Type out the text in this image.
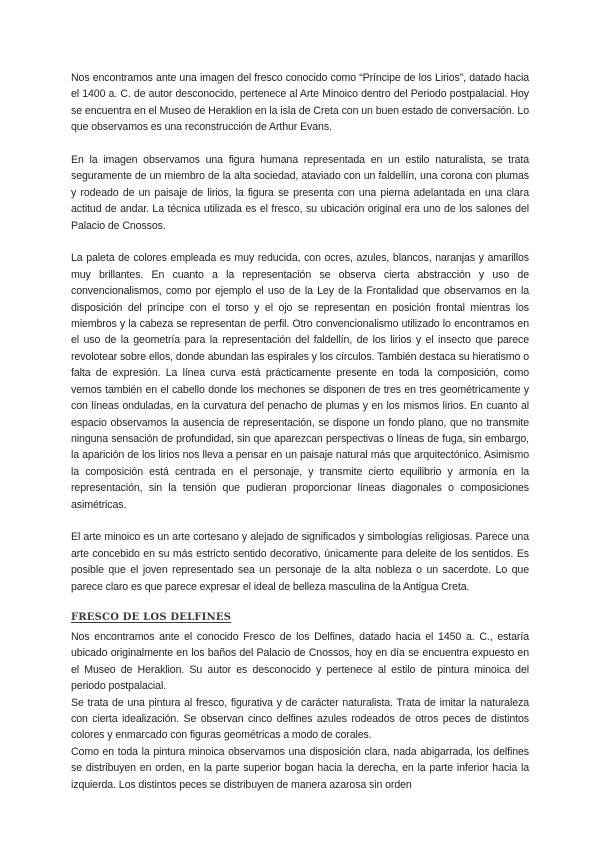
Nos encontramos ante una imagen del fresco conocido como “Príncipe de los Lirios”, datado hacia el 1400 a. C. de autor desconocido, pertenece al Arte Minoico dentro del Periodo postpalacial. Hoy se encuentra en el Museo de Heraklion en la isla de Creta con un buen estado de conversación. Lo que observamos es una reconstrucción de Arthur Evans.

En la imagen observamos una figura humana representada en un estilo naturalista, se trata seguramente de un miembro de la alta sociedad, ataviado con un faldellín, una corona con plumas y rodeado de un paisaje de lirios, la figura se presenta con una pierna adelantada en una clara actitud de andar. La técnica utilizada es el fresco, su ubicación original era uno de los salones del Palacio de Cnossos.

La paleta de colores empleada es muy reducida, con ocres, azules, blancos, naranjas y amarillos muy brillantes. En cuanto a la representación se observa cierta abstracción y uso de convencionalismos, como por ejemplo el uso de la Ley de la Frontalidad que observamos en la disposición del príncipe con el torso y el ojo se representan en posición frontal mientras los miembros y la cabeza se representan de perfil. Otro convencionalismo utilizado lo encontramos en el uso de la geometría para la representación del faldellín, de los lirios y el insecto que parece revolotear sobre ellos, donde abundan las espirales y los círculos. También destaca su hieratismo o falta de expresión. La línea curva está prácticamente presente en toda la composición, como vemos también en el cabello donde los mechones se disponen de tres en tres geométricamente y con líneas onduladas, en la curvatura del penacho de plumas y en los mismos lirios. En cuanto al espacio observamos la ausencia de representación, se dispone un fondo plano, que no transmite ninguna sensación de profundidad, sin que aparezcan perspectivas o líneas de fuga, sin embargo, la aparición de los lirios nos lleva a pensar en un paisaje natural más que arquitectónico. Asimismo la composición está centrada en el personaje, y transmite cierto equilibrio y armonía en la representación, sin la tensión que pudieran proporcionar líneas diagonales o composiciones asimétricas.

El arte minoico es un arte cortesano y alejado de significados y simbologías religiosas. Parece una arte concebido en su más estricto sentido decorativo, únicamente para deleite de los sentidos. Es posible que el joven representado sea un personaje de la alta nobleza o un sacerdote. Lo que parece claro es que parece expresar el ideal de belleza masculina de la Antigua Creta.

FRESCO DE LOS DELFINES

Nos encontramos ante el conocido Fresco de los Delfines, datado hacia el 1450 a. C., estaría ubicado originalmente en los baños del Palacio de Cnossos, hoy en día se encuentra expuesto en el Museo de Heraklion. Su autor es desconocido y pertenece al estilo de pintura minoica del periodo postpalacial.

Se trata de una pintura al fresco, figurativa y de carácter naturalista. Trata de imitar la naturaleza con cierta idealización. Se observan cinco delfines azules rodeados de otros peces de distintos colores y enmarcado con figuras geométricas a modo de corales.

Como en toda la pintura minoica observamos una disposición clara, nada abigarrada, los delfines se distribuyen en orden, en la parte superior bogan hacia la derecha, en la parte inferior hacia la izquierda. Los distintos peces se distribuyen de manera azarosa sin orden
